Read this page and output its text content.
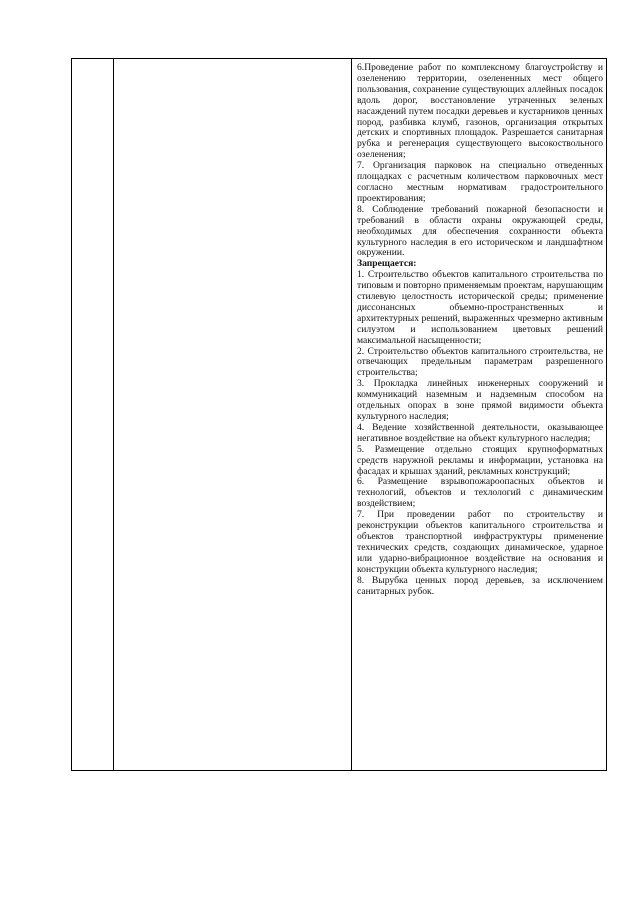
6.Проведение работ по комплексному благоустройству и озеленению территории, озелененных мест общего пользования, сохранение существующих аллейных посадок вдоль дорог, восстановление утраченных зеленых насаждений путем посадки деревьев и кустарников ценных пород, разбивка клумб, газонов, организация открытых детских и спортивных площадок. Разрешается санитарная рубка и регенерация существующего высокоствольного озеленения;

7. Организация парковок на специально отведенных площадках с расчетным количеством парковочных мест согласно местным нормативам градостроительного проектирования;

8. Соблюдение требований пожарной безопасности и требований в области охраны окружающей среды, необходимых для обеспечения сохранности объекта культурного наследия в его историческом и ландшафтном окружении.

Запрещается:

1. Строительство объектов капитального строительства по типовым и повторно применяемым проектам, нарушающим стилевую целостность исторической среды; применение диссонансных объемно-пространственных и архитектурных решений, выраженных чрезмерно активным силуэтом и использованием цветовых решений максимальной насыщенности;

2. Строительство объектов капитального строительства, не отвечающих предельным параметрам разрешенного строительства;

3. Прокладка линейных инженерных сооружений и коммуникаций наземным и надземным способом на отдельных опорах в зоне прямой видимости объекта культурного наследия;

4. Ведение хозяйственной деятельности, оказывающее негативное воздействие на объект культурного наследия;

5. Размещение отдельно стоящих крупноформатных средств наружной рекламы и информации, установка на фасадах и крышах зданий, рекламных конструкций;

6. Размещение взрывопожароопасных объектов и технологий, объектов и техлологий с динамическим воздействием;

7. При проведении работ по строительству и реконструкции объектов капитального строительства и объектов транспортной инфраструктуры применение технических средств, создающих динамическое, ударное или ударно-вибрационное воздействие на основания и конструкции объекта культурного наследия;

8. Вырубка ценных пород деревьев, за исключением санитарных рубок.
